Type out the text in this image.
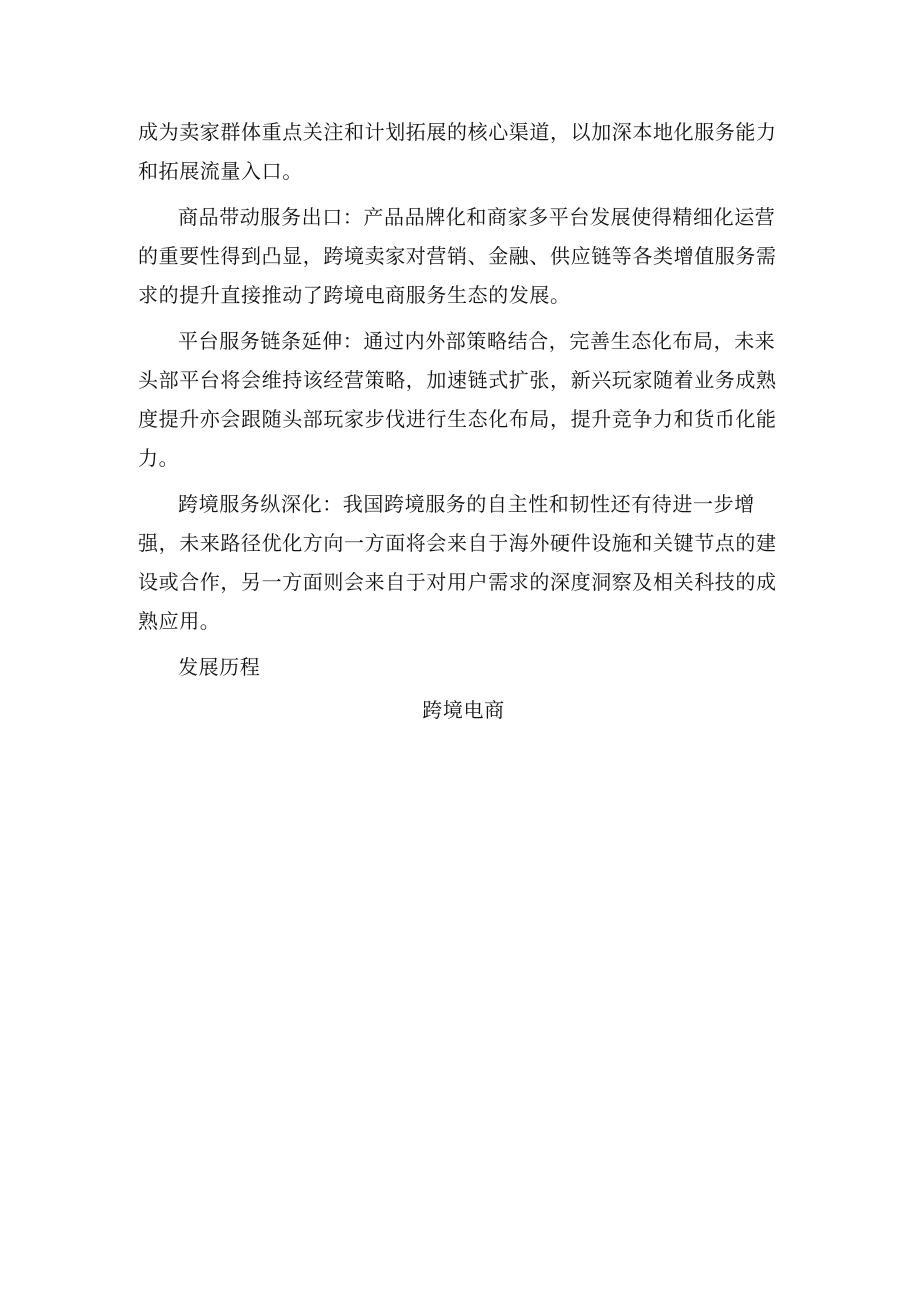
成为卖家群体重点关注和计划拓展的核心渠道，以加深本地化服务能力和拓展流量入口。

商品带动服务出口：产品品牌化和商家多平台发展使得精细化运营的重要性得到凸显，跨境卖家对营销、金融、供应链等各类增值服务需求的提升直接推动了跨境电商服务生态的发展。

平台服务链条延伸：通过内外部策略结合，完善生态化布局，未来头部平台将会维持该经营策略，加速链式扩张，新兴玩家随着业务成熟度提升亦会跟随头部玩家步伐进行生态化布局，提升竞争力和货币化能力。

跨境服务纵深化：我国跨境服务的自主性和韧性还有待进一步增强，未来路径优化方向一方面将会来自于海外硬件设施和关键节点的建设或合作，另一方面则会来自于对用户需求的深度洞察及相关科技的成熟应用。

发展历程

跨境电商
